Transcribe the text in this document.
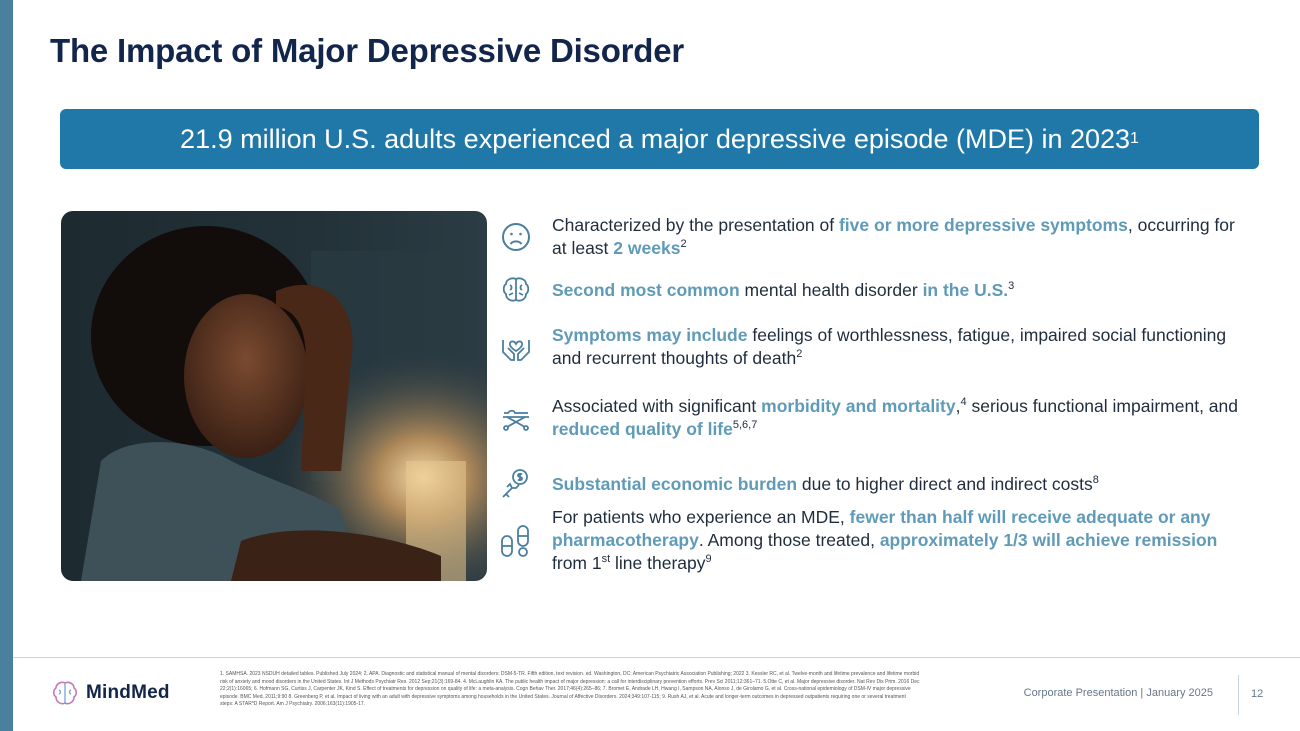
The Impact of Major Depressive Disorder
21.9 million U.S. adults experienced a major depressive episode (MDE) in 2023 1
Characterized by the presentation of five or more depressive symptoms, occurring for at least 2 weeks$^2$
Second most common mental health disorder in the U.S.$^3$
Symptoms may include feelings of worthlessness, fatigue, impaired social functioning and recurrent thoughts of death$^2$
Associated with significant morbidity and mortality,$^4$ serious functional impairment, and reduced quality of life$^{5,6,7}$
Substantial economic burden due to higher direct and indirect costs$^8$
For patients who experience an MDE, fewer than half will receive adequate or any pharmacotherapy. Among those treated, approximately 1/3 will achieve remission from 1st line therapy$^9$
MindMed
1. SAMHSA. 2023 NSDUH detailed tables. Published July 2024; 2. APA. Diagnostic and statistical manual of mental disorders: DSM-5-TR. Fifth edition, text revision. ed. Washington, DC: American Psychiatric Association Publishing; 2022 3. Kessler RC, et al. Twelve-month and lifetime prevalence and lifetime morbid risk of anxiety and mood disorders in the United States. Int J Methods Psychiatr Res. 2012 Sep;21(3):169-84. 4. McLaughlin KA. The public health impact of major depression: a call for interdisciplinary prevention efforts. Prev Sci 2011;12:361–71. 5.Otte C, et al. Major depressive disorder. Nat Rev Dis Prim. 2016 Dec 22;2(1):16065; 6. Hofmann SG, Curtiss J, Carpenter JK, Kind S. Effect of treatments for depression on quality of life: a meta-analysis. Cogn Behav Ther. 2017;46(4):265–86; 7. Bromet E, Andrade LH, Hwang I, Sampson NA, Alonso J, de Girolamo G, et al. Cross-national epidemiology of DSM-IV major depressive episode. BMC Med. 2011;9:90 8. Greenberg P, et al. Impact of living with an adult with depressive symptoms among households in the United States. Journal of Affective Disorders. 2024;349:107-115; 9. Rush AJ, et al. Acute and longer-term outcomes in depressed outpatients requiring one or several treatment steps: A STAR*D Report. Am J Psychiatry. 2006;163(11):1905-17.
Corporate Presentation | January 2025	12
